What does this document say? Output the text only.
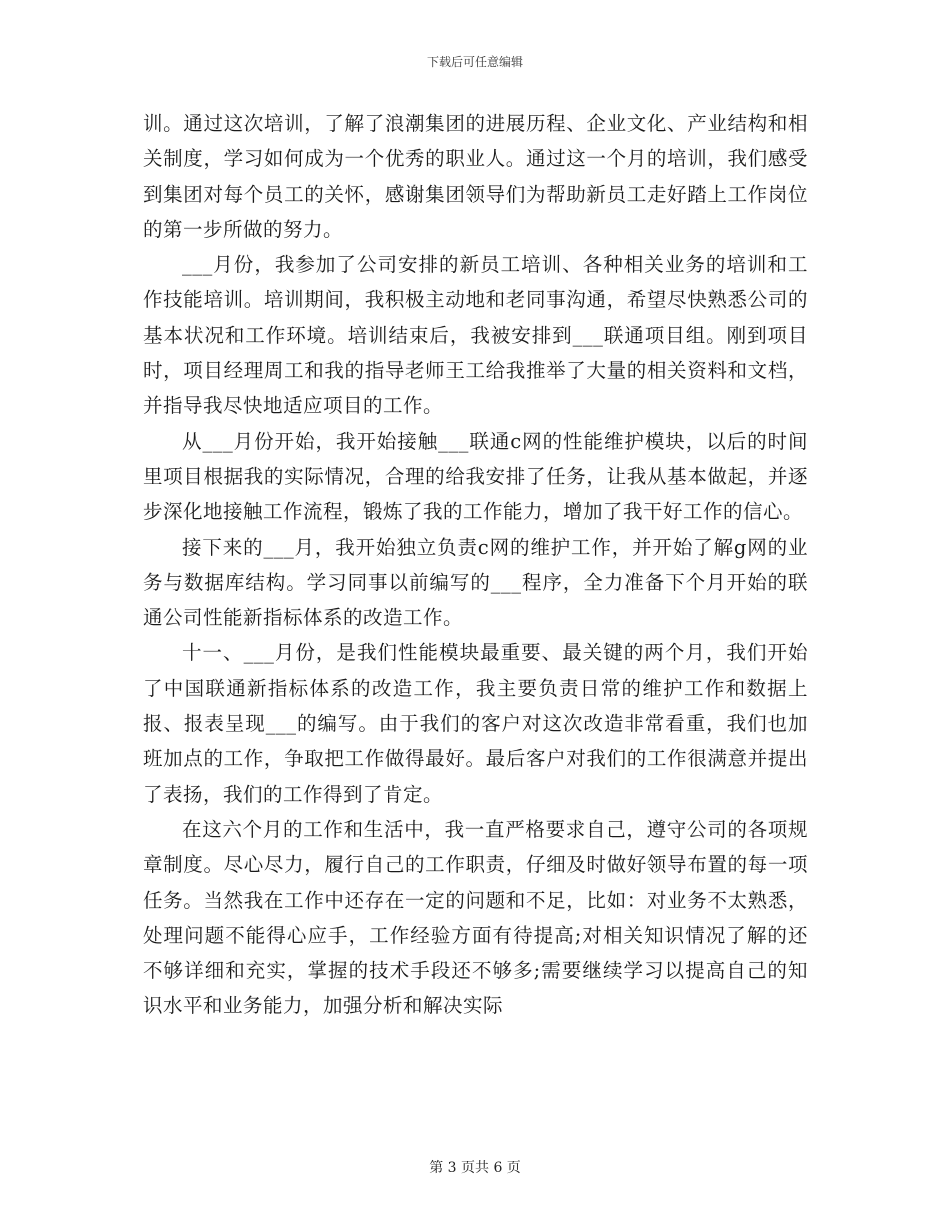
下载后可任意编辑

训。通过这次培训，了解了浪潮集团的进展历程、企业文化、产业结构和相关制度，学习如何成为一个优秀的职业人。通过这一个月的培训，我们感受到集团对每个员工的关怀，感谢集团领导们为帮助新员工走好踏上工作岗位的第一步所做的努力。

___月份，我参加了公司安排的新员工培训、各种相关业务的培训和工作技能培训。培训期间，我积极主动地和老同事沟通，希望尽快熟悉公司的基本状况和工作环境。培训结束后，我被安排到___联通项目组。刚到项目时，项目经理周工和我的指导老师王工给我推举了大量的相关资料和文档，并指导我尽快地适应项目的工作。

从___月份开始，我开始接触___联通c网的性能维护模块，以后的时间里项目根据我的实际情况，合理的给我安排了任务，让我从基本做起，并逐步深化地接触工作流程，锻炼了我的工作能力，增加了我干好工作的信心。

接下来的___月，我开始独立负责c网的维护工作，并开始了解g网的业务与数据库结构。学习同事以前编写的___程序，全力准备下个月开始的联通公司性能新指标体系的改造工作。

十一、___月份，是我们性能模块最重要、最关键的两个月，我们开始了中国联通新指标体系的改造工作，我主要负责日常的维护工作和数据上报、报表呈现___的编写。由于我们的客户对这次改造非常看重，我们也加班加点的工作，争取把工作做得最好。最后客户对我们的工作很满意并提出了表扬，我们的工作得到了肯定。

在这六个月的工作和生活中，我一直严格要求自己，遵守公司的各项规章制度。尽心尽力，履行自己的工作职责，仔细及时做好领导布置的每一项任务。当然我在工作中还存在一定的问题和不足，比如：对业务不太熟悉，处理问题不能得心应手，工作经验方面有待提高;对相关知识情况了解的还不够详细和充实，掌握的技术手段还不够多;需要继续学习以提高自己的知识水平和业务能力，加强分析和解决实际

第 3 页共 6 页
